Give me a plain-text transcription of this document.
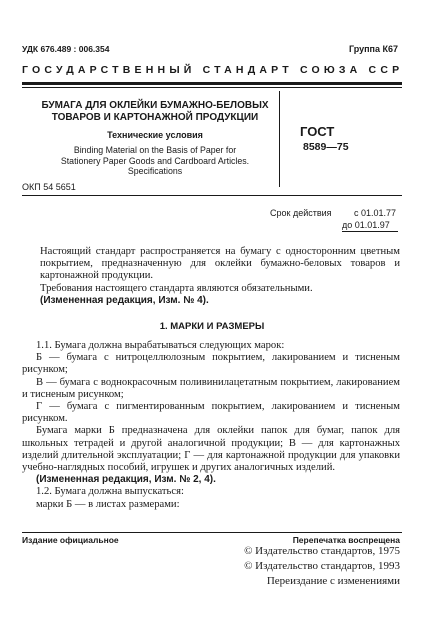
УДК 676.489 : 006.354	Группа К67
ГОСУДАРСТВЕННЫЙ СТАНДАРТ СОЮЗА ССР
БУМАГА ДЛЯ ОКЛЕЙКИ БУМАЖНО-БЕЛОВЫХ
ТОВАРОВ И КАРТОНАЖНОЙ ПРОДУКЦИИ
Технические условия
Binding Material on the Basis of Paper for
Stationery Paper Goods and Cardboard Articles.
Specifications
ГОСТ
8589—75
ОКП 54 5651
Срок действия с 01.01.77
до 01.01.97

Настоящий стандарт распространяется на бумагу с односторонним цветным покрытием, предназначенную для оклейки бумажно-беловых товаров и картонажной продукции.

Требования настоящего стандарта являются обязательными.

(Измененная редакция, Изм. № 4).

1. МАРКИ И РАЗМЕРЫ

1.1. Бумага должна вырабатываться следующих марок:

Б — бумага с нитроцеллюлозным покрытием, лакированием и тисненым рисунком;

В — бумага с воднокрасочным поливинилацетатным покрытием, лакированием и тисненым рисунком;

Г — бумага с пигментированным покрытием, лакированием и тисненым рисунком.

Бумага марки Б предназначена для оклейки папок для бумаг, папок для школьных тетрадей и другой аналогичной продукции; В — для картонажных изделий длительной эксплуатации; Г — для картонажной продукции для упаковки учебно-наглядных пособий, игрушек и других аналогичных изделий.

(Измененная редакция, Изм. № 2, 4).

1.2. Бумага должна выпускаться:

марки Б — в листах размерами:

Издание официальное	Перепечатка воспрещена
© Издательство стандартов, 1975
© Издательство стандартов, 1993
Переиздание с изменениями
